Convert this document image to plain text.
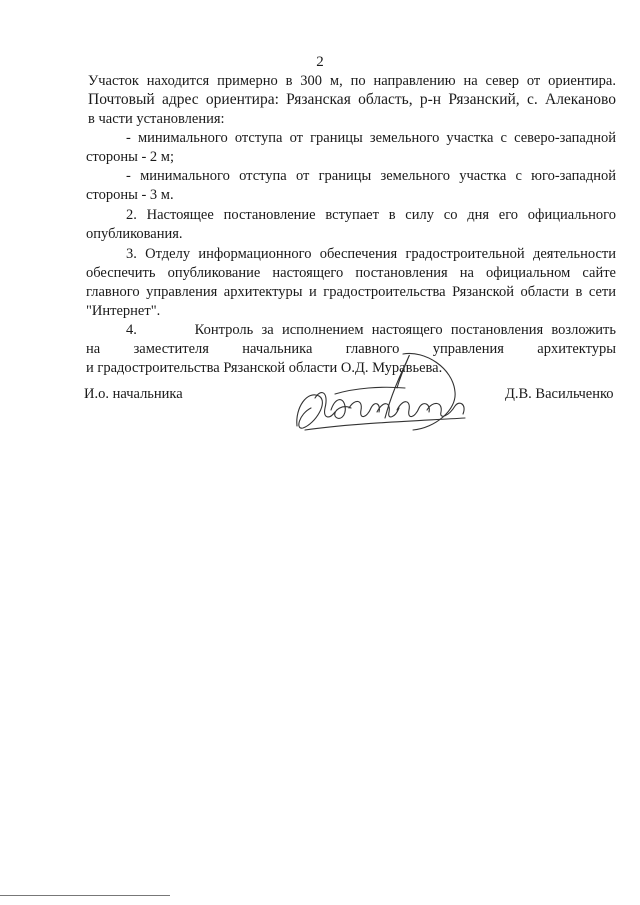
2
Участок находится примерно в 300 м, по направлению на север от ориентира.
Почтовый адрес ориентира: Рязанская область, р-н Рязанский, с. Алеканово
в части установления:
- минимального отступа от границы земельного участка с северо-западной
стороны - 2 м;
- минимального отступа от границы земельного участка с юго-западной
стороны - 3 м.
2. Настоящее постановление вступает в силу со дня его официального
опубликования.
3. Отделу информационного обеспечения градостроительной деятельности
обеспечить опубликование настоящего постановления на официальном сайте
главного управления архитектуры и градостроительства Рязанской области в сети
"Интернет".
4.       Контроль за исполнением настоящего постановления возложить
на       заместителя       начальника       главного       управления       архитектуры
и градостроительства Рязанской области О.Д. Муравьева.
И.о. начальника	Д.В. Васильченко
